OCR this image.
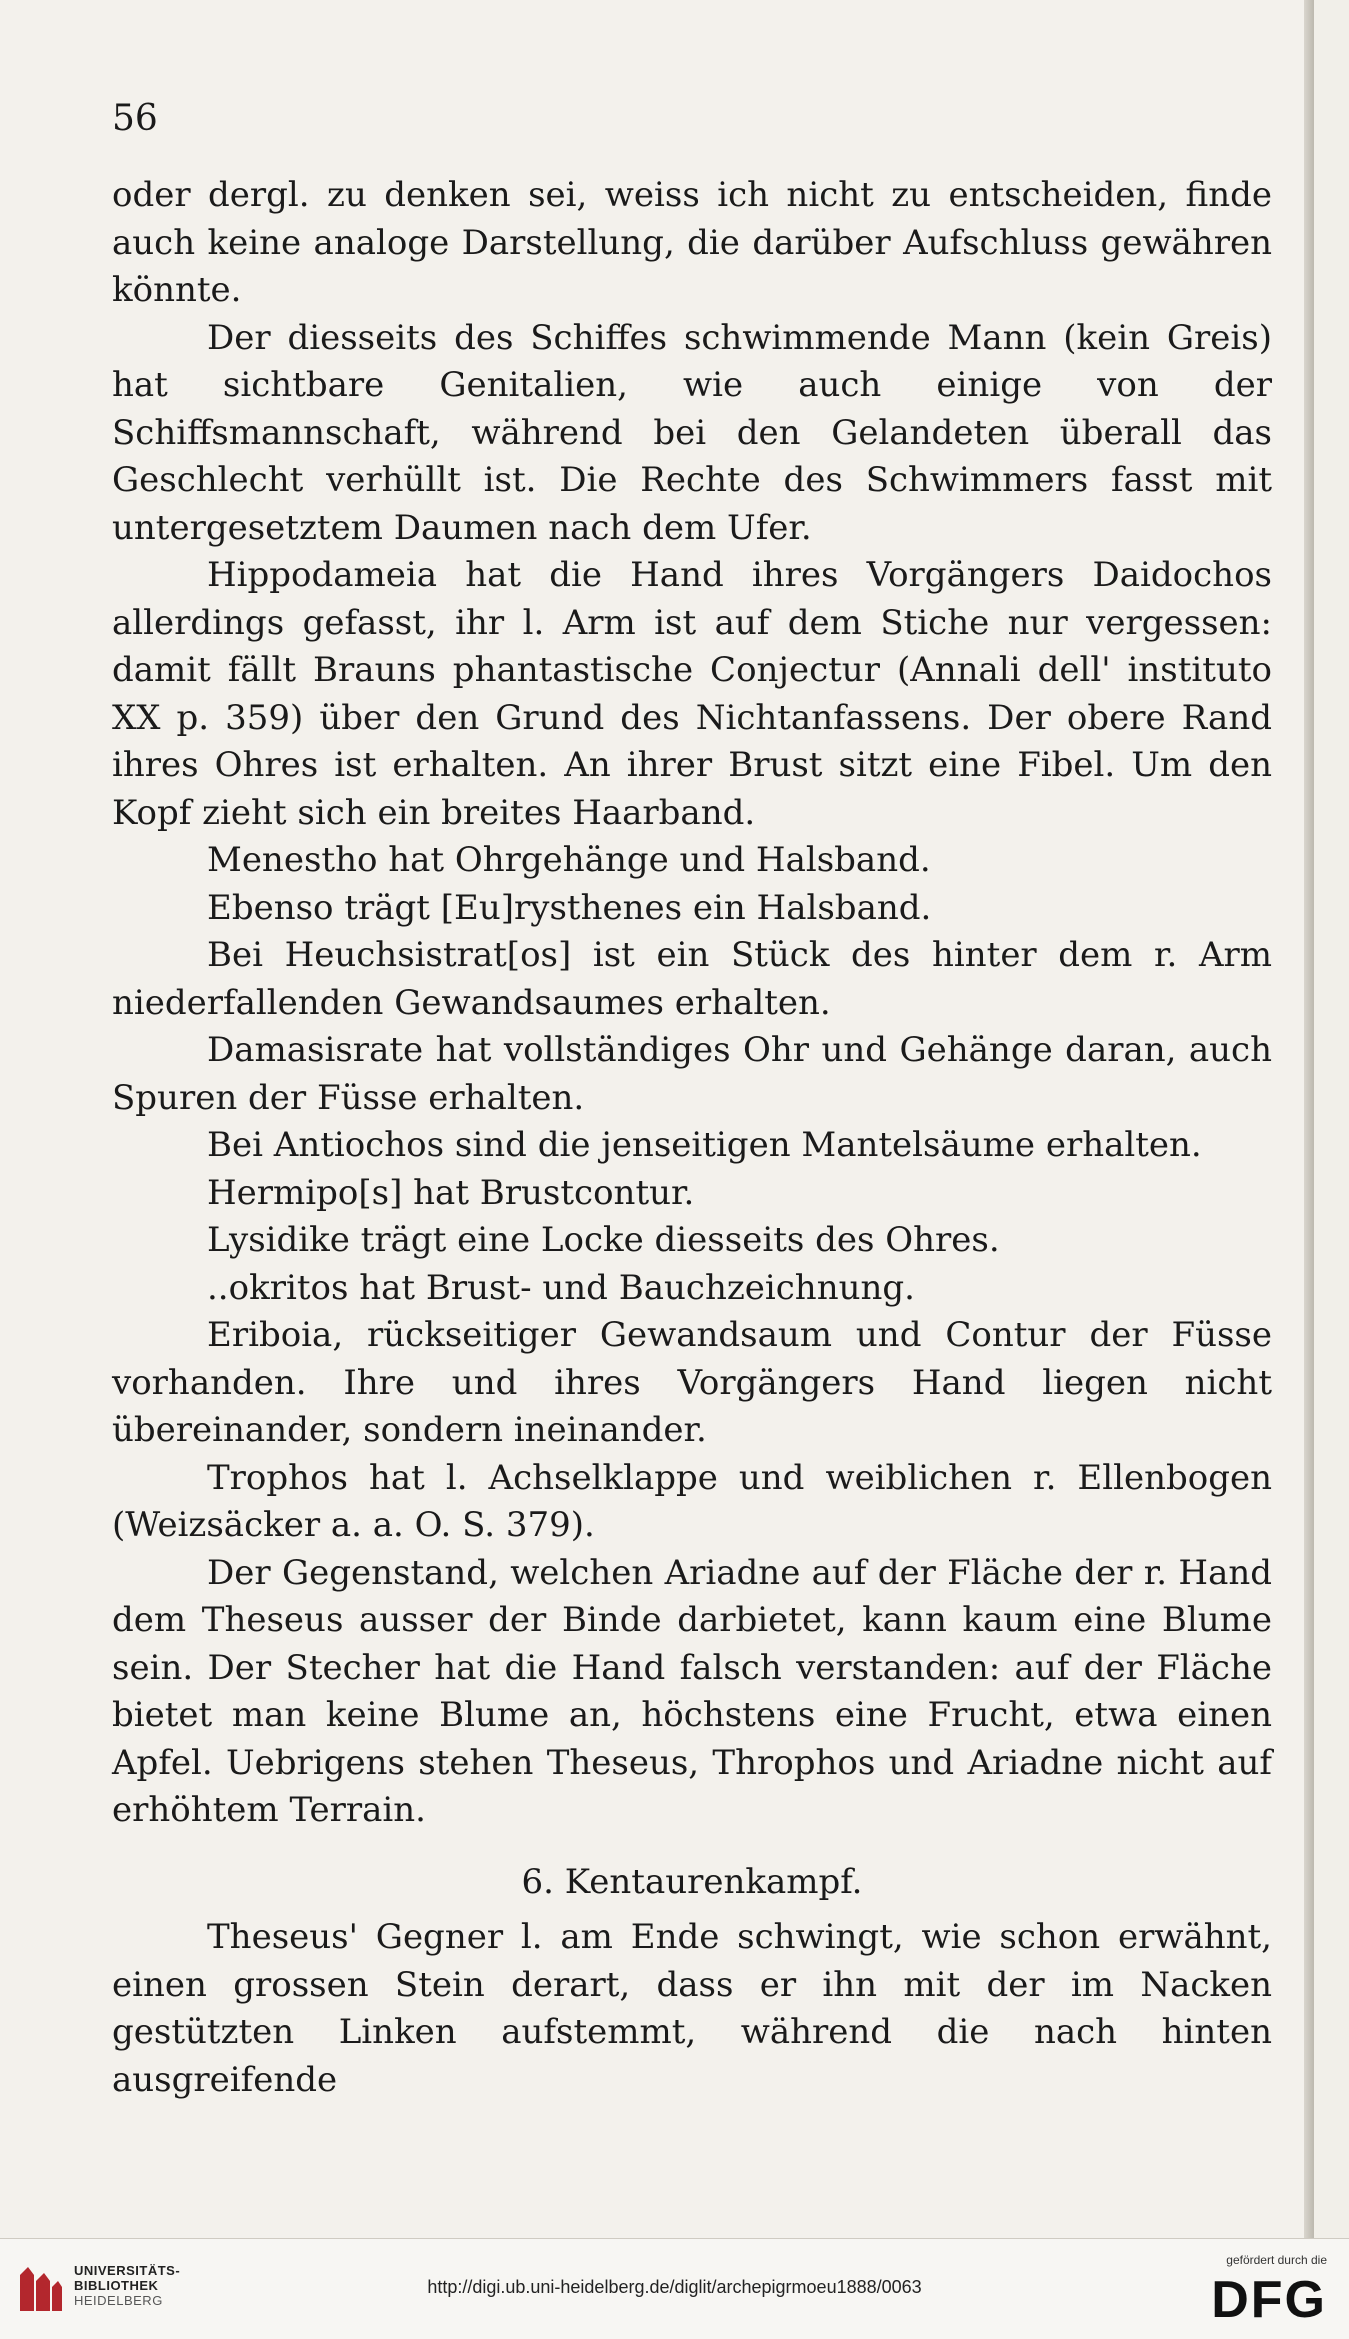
56

oder dergl. zu denken sei, weiss ich nicht zu entscheiden, finde auch keine analoge Darstellung, die darüber Aufschluss gewähren könnte.

Der diesseits des Schiffes schwimmende Mann (kein Greis) hat sichtbare Genitalien, wie auch einige von der Schiffsmannschaft, während bei den Gelandeten überall das Geschlecht verhüllt ist. Die Rechte des Schwimmers fasst mit untergesetztem Daumen nach dem Ufer.

Hippodameia hat die Hand ihres Vorgängers Daidochos allerdings gefasst, ihr l. Arm ist auf dem Stiche nur vergessen: damit fällt Brauns phantastische Conjectur (Annali dell' instituto XX p. 359) über den Grund des Nichtanfassens. Der obere Rand ihres Ohres ist erhalten. An ihrer Brust sitzt eine Fibel. Um den Kopf zieht sich ein breites Haarband.

Menestho hat Ohrgehänge und Halsband.

Ebenso trägt [Eu]rysthenes ein Halsband.

Bei Heuchsistrat[os] ist ein Stück des hinter dem r. Arm niederfallenden Gewandsaumes erhalten.

Damasisrate hat vollständiges Ohr und Gehänge daran, auch Spuren der Füsse erhalten.

Bei Antiochos sind die jenseitigen Mantelsäume erhalten.

Hermipo[s] hat Brustcontur.

Lysidike trägt eine Locke diesseits des Ohres.

..okritos hat Brust- und Bauchzeichnung.

Eriboia, rückseitiger Gewandsaum und Contur der Füsse vorhanden. Ihre und ihres Vorgängers Hand liegen nicht übereinander, sondern ineinander.

Trophos hat l. Achselklappe und weiblichen r. Ellenbogen (Weizsäcker a. a. O. S. 379).

Der Gegenstand, welchen Ariadne auf der Fläche der r. Hand dem Theseus ausser der Binde darbietet, kann kaum eine Blume sein. Der Stecher hat die Hand falsch verstanden: auf der Fläche bietet man keine Blume an, höchstens eine Frucht, etwa einen Apfel. Uebrigens stehen Theseus, Throphos und Ariadne nicht auf erhöhtem Terrain.

6. Kentaurenkampf.

Theseus' Gegner l. am Ende schwingt, wie schon erwähnt, einen grossen Stein derart, dass er ihn mit der im Nacken gestützten Linken aufstemmt, während die nach hinten ausgreifende

UNIVERSITÄTS-
BIBLIOTHEK
HEIDELBERG
http://digi.ub.uni-heidelberg.de/diglit/archepigrmoeu1888/0063
gefördert durch die
DFG
